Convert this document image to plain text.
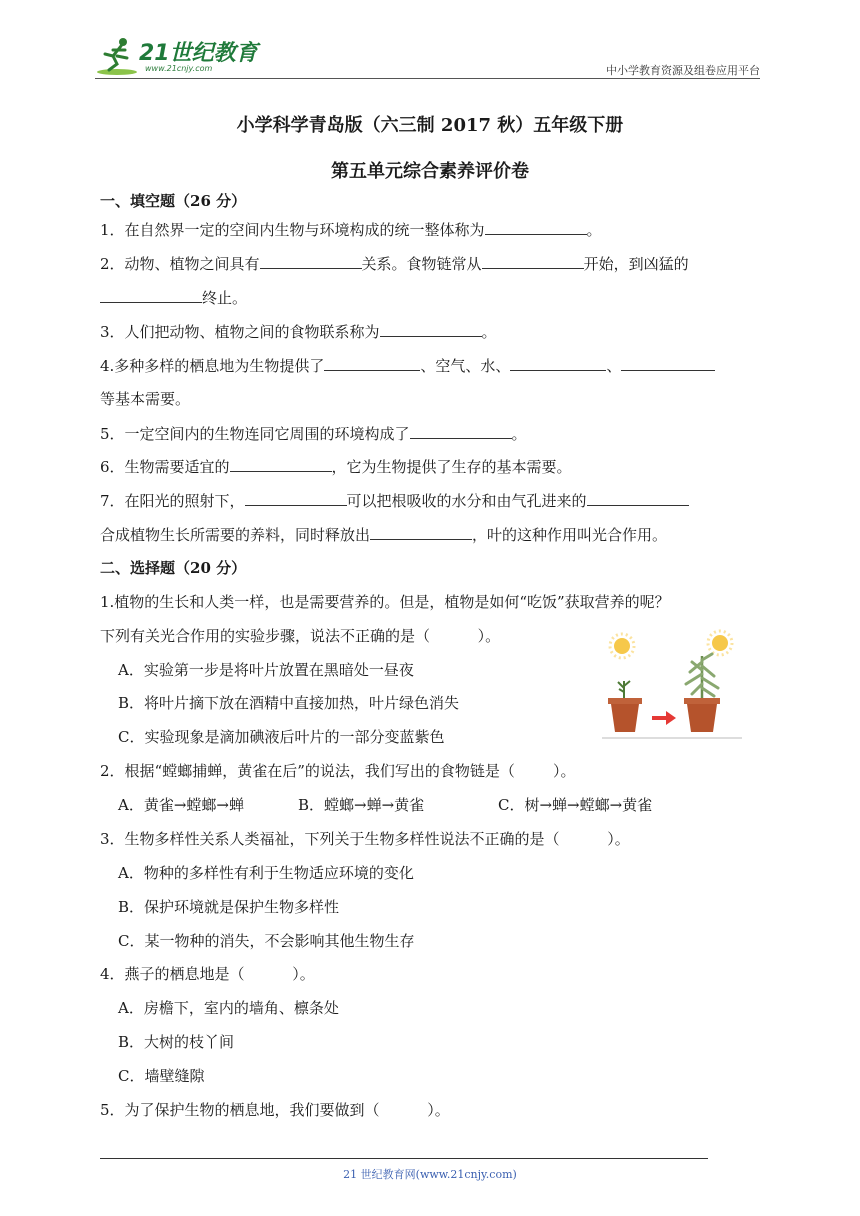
21世纪教育
www.21cnjy.com	中小学教育资源及组卷应用平台
小学科学青岛版（六三制 2017 秋）五年级下册
第五单元综合素养评价卷
一、填空题（26 分）
1．在自然界一定的空间内生物与环境构成的统一整体称为	。
2．动物、植物之间具有	关系。食物链常从	开始，到凶猛的
终止。
3．人们把动物、植物之间的食物联系称为	。
4.多种多样的栖息地为生物提供了	、空气、水、	、
等基本需要。
5．一定空间内的生物连同它周围的环境构成了	。
6．生物需要适宜的	，它为生物提供了生存的基本需要。
7．在阳光的照射下，	可以把根吸收的水分和由气孔进来的
合成植物生长所需要的养料，同时释放出	，叶的这种作用叫光合作用。
二、选择题（20 分）
1.植物的生长和人类一样，也是需要营养的。但是，植物是如何“吃饭”获取营养的呢？
下列有关光合作用的实验步骤，说法不正确的是（          ）。
A．实验第一步是将叶片放置在黑暗处一昼夜
B．将叶片摘下放在酒精中直接加热，叶片绿色消失
C．实验现象是滴加碘液后叶片的一部分变蓝紫色
2．根据“螳螂捕蝉，黄雀在后”的说法，我们写出的食物链是（        ）。
A．黄雀→螳螂→蝉	B．螳螂→蝉→黄雀	C．树→蝉→螳螂→黄雀
3．生物多样性关系人类福祉，下列关于生物多样性说法不正确的是（          ）。
A．物种的多样性有利于生物适应环境的变化
B．保护环境就是保护生物多样性
C．某一物种的消失，不会影响其他生物生存
4．燕子的栖息地是（          ）。
A．房檐下，室内的墙角、檩条处
B．大树的枝丫间
C．墙壁缝隙
5．为了保护生物的栖息地，我们要做到（          ）。
21 世纪教育网(www.21cnjy.com)
